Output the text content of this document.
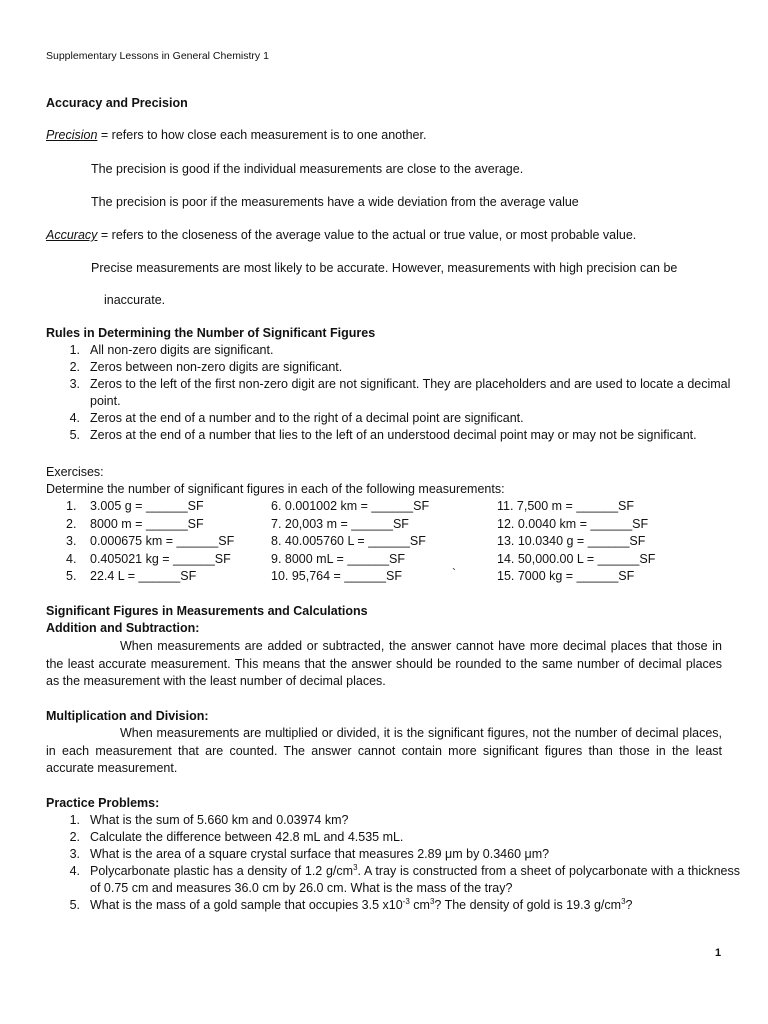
Supplementary Lessons in General Chemistry 1
Accuracy and Precision
Precision = refers to how close each measurement is to one another.
The precision is good if the individual measurements are close to the average.
The precision is poor if the measurements have a wide deviation from the average value
Accuracy = refers to the closeness of the average value to the actual or true value, or most probable value.
Precise measurements are most likely to be accurate. However, measurements with high precision can be
inaccurate.
Rules in Determining the Number of Significant Figures
1. All non-zero digits are significant.
2. Zeros between non-zero digits are significant.
3. Zeros to the left of the first non-zero digit are not significant. They are placeholders and are used to locate a decimal point.
4. Zeros at the end of a number and to the right of a decimal point are significant.
5. Zeros at the end of a number that lies to the left of an understood decimal point may or may not be significant.
Exercises:
Determine the number of significant figures in each of the following measurements:
1. 3.005 g = ______SF
2. 8000 m = ______SF
3. 0.000675 km = ______SF
4. 0.405021 kg = ______SF
5. 22.4 L = ______SF
6. 0.001002 km = ______SF
7. 20,003 m = ______SF
8. 40.005760 L = ______SF
9. 8000 mL = ______SF
10. 95,764 = ______SF	`
11. 7,500 m = ______SF
12. 0.0040 km = ______SF
13. 10.0340 g = ______SF
14. 50,000.00 L = ______SF
15. 7000 kg = ______SF
Significant Figures in Measurements and Calculations
Addition and Subtraction:
When measurements are added or subtracted, the answer cannot have more decimal places that those in the least accurate measurement. This means that the answer should be rounded to the same number of decimal places as the measurement with the least number of decimal places.
Multiplication and Division:
When measurements are multiplied or divided, it is the significant figures, not the number of decimal places, in each measurement that are counted. The answer cannot contain more significant figures than those in the least accurate measurement.
Practice Problems:
1. What is the sum of 5.660 km and 0.03974 km?
2. Calculate the difference between 42.8 mL and 4.535 mL.
3. What is the area of a square crystal surface that measures 2.89 μm by 0.3460 μm?
4. Polycarbonate plastic has a density of 1.2 $g/cm^3$. A tray is constructed from a sheet of polycarbonate with a thickness of 0.75 cm and measures 36.0 cm by 26.0 cm. What is the mass of the tray?
5. What is the mass of a gold sample that occupies 3.5 $x10^{-3}$ $cm^3$? The density of gold is 19.3 $g/cm^3$?
1
